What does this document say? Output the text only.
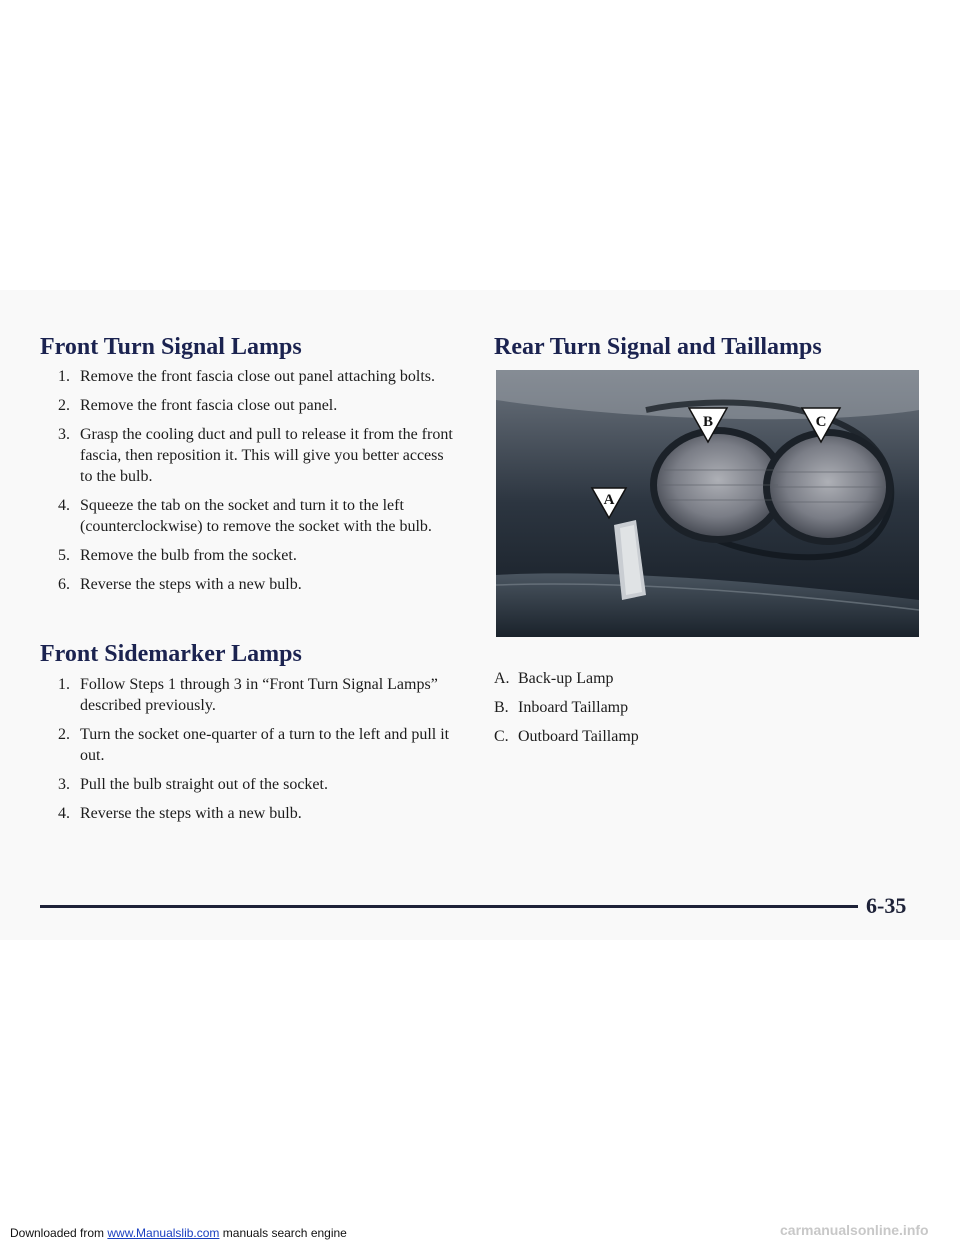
Front Turn Signal Lamps
1. Remove the front fascia close out panel attaching bolts.
2. Remove the front fascia close out panel.
3. Grasp the cooling duct and pull to release it from the front fascia, then reposition it. This will give you better access to the bulb.
4. Squeeze the tab on the socket and turn it to the left (counterclockwise) to remove the socket with the bulb.
5. Remove the bulb from the socket.
6. Reverse the steps with a new bulb.
Front Sidemarker Lamps
1. Follow Steps 1 through 3 in “Front Turn Signal Lamps” described previously.
2. Turn the socket one-quarter of a turn to the left and pull it out.
3. Pull the bulb straight out of the socket.
4. Reverse the steps with a new bulb.
Rear Turn Signal and Taillamps
A
B	C
A. Back-up Lamp
B. Inboard Taillamp
C. Outboard Taillamp
6-35
Downloaded from www.Manualslib.com manuals search engine	carmanualsonline.info
